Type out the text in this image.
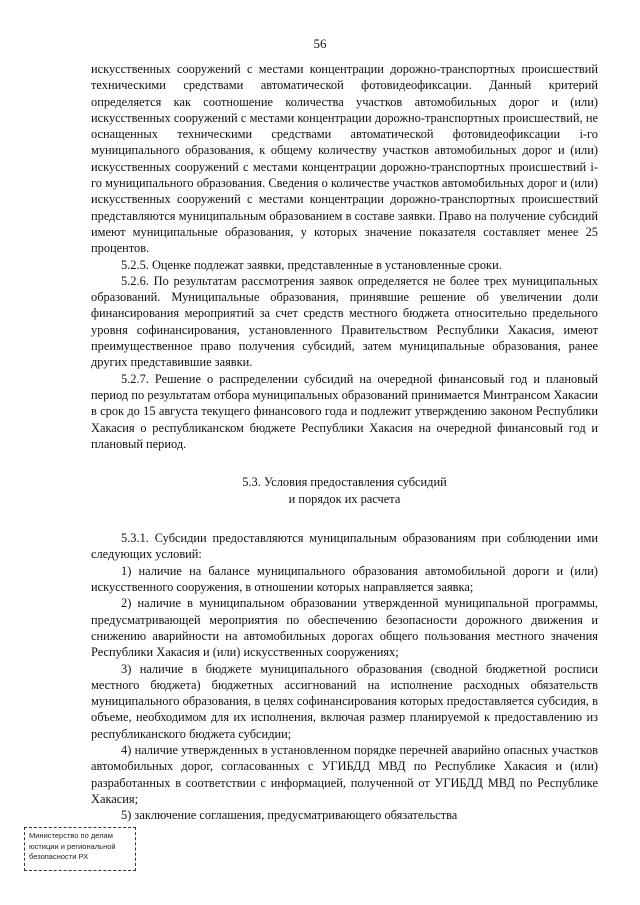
56

искусственных сооружений с местами концентрации дорожно-транспортных происшествий техническими средствами автоматической фотовидеофиксации. Данный критерий определяется как соотношение количества участков автомобильных дорог и (или) искусственных сооружений с местами концентрации дорожно-транспортных происшествий, не оснащенных техническими средствами автоматической фотовидеофиксации i-го муниципального образования, к общему количеству участков автомобильных дорог и (или) искусственных сооружений с местами концентрации дорожно-транспортных происшествий i-го муниципального образования. Сведения о количестве участков автомобильных дорог и (или) искусственных сооружений с местами концентрации дорожно-транспортных происшествий представляются муниципальным образованием в составе заявки. Право на получение субсидий имеют муниципальные образования, у которых значение показателя составляет менее 25 процентов.

5.2.5. Оценке подлежат заявки, представленные в установленные сроки.

5.2.6. По результатам рассмотрения заявок определяется не более трех муниципальных образований. Муниципальные образования, принявшие решение об увеличении доли финансирования мероприятий за счет средств местного бюджета относительно предельного уровня софинансирования, установленного Правительством Республики Хакасия, имеют преимущественное право получения субсидий, затем муниципальные образования, ранее других представившие заявки.

5.2.7. Решение о распределении субсидий на очередной финансовый год и плановый период по результатам отбора муниципальных образований принимается Минтрансом Хакасии в срок до 15 августа текущего финансового года и подлежит утверждению законом Республики Хакасия о республиканском бюджете Республики Хакасия на очередной финансовый год и плановый период.

5.3. Условия предоставления субсидий
и порядок их расчета

5.3.1. Субсидии предоставляются муниципальным образованиям при соблюдении ими следующих условий:

1) наличие на балансе муниципального образования автомобильной дороги и (или) искусственного сооружения, в отношении которых направляется заявка;

2) наличие в муниципальном образовании утвержденной муниципальной программы, предусматривающей мероприятия по обеспечению безопасности дорожного движения и снижению аварийности на автомобильных дорогах общего пользования местного значения Республики Хакасия и (или) искусственных сооружениях;

3) наличие в бюджете муниципального образования (сводной бюджетной росписи местного бюджета) бюджетных ассигнований на исполнение расходных обязательств муниципального образования, в целях софинансирования которых предоставляется субсидия, в объеме, необходимом для их исполнения, включая размер планируемой к предоставлению из республиканского бюджета субсидии;

4) наличие утвержденных в установленном порядке перечней аварийно опасных участков автомобильных дорог, согласованных с УГИБДД МВД по Республике Хакасия и (или) разработанных в соответствии с информацией, полученной от УГИБДД МВД по Республике Хакасия;

5) заключение соглашения, предусматривающего обязательства

Министерство по делам
юстиции и региональной
безопасности РХ
